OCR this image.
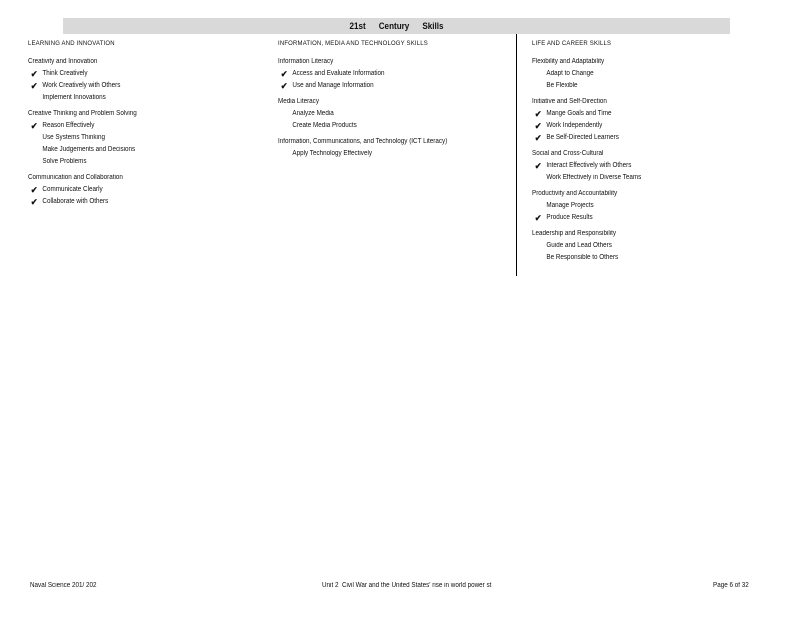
21st Century Skills
LEARNING AND INNOVATION
Creativity and Innovation
✔ Think Creatively
✔ Work Creatively with Others
Implement Innovations
Creative Thinking and Problem Solving
✔ Reason Effectively
Use Systems Thinking
Make Judgements and Decisions
Solve Problems
Communication and Collaboration
✔ Communicate Clearly
✔ Collaborate with Others
INFORMATION, MEDIA AND TECHNOLOGY SKILLS
Information Literacy
✔ Access and Evaluate Information
✔ Use and Manage Information
Media Literacy
Analyze Media
Create Media Products
Information, Communications, and Technology (ICT Literacy)
Apply Technology Effectively
LIFE AND CAREER SKILLS
Flexibility and Adaptability
Adapt to Change
Be Flexible
Initiative and Self-Direction
✔ Mange Goals and Time
✔ Work Independently
✔ Be Self-Directed Learners
Social and Cross-Cultural
✔ Interact Effectively with Others
Work Effectively in Diverse Teams
Productivity and Accountability
Manage Projects
✔ Produce Results
Leadership and Responsibility
Guide and Lead Others
Be Responsible to Others
Naval Science 201/ 202	Unit 2  Civil War and the United States' rise in world power st	Page 6 of 32
